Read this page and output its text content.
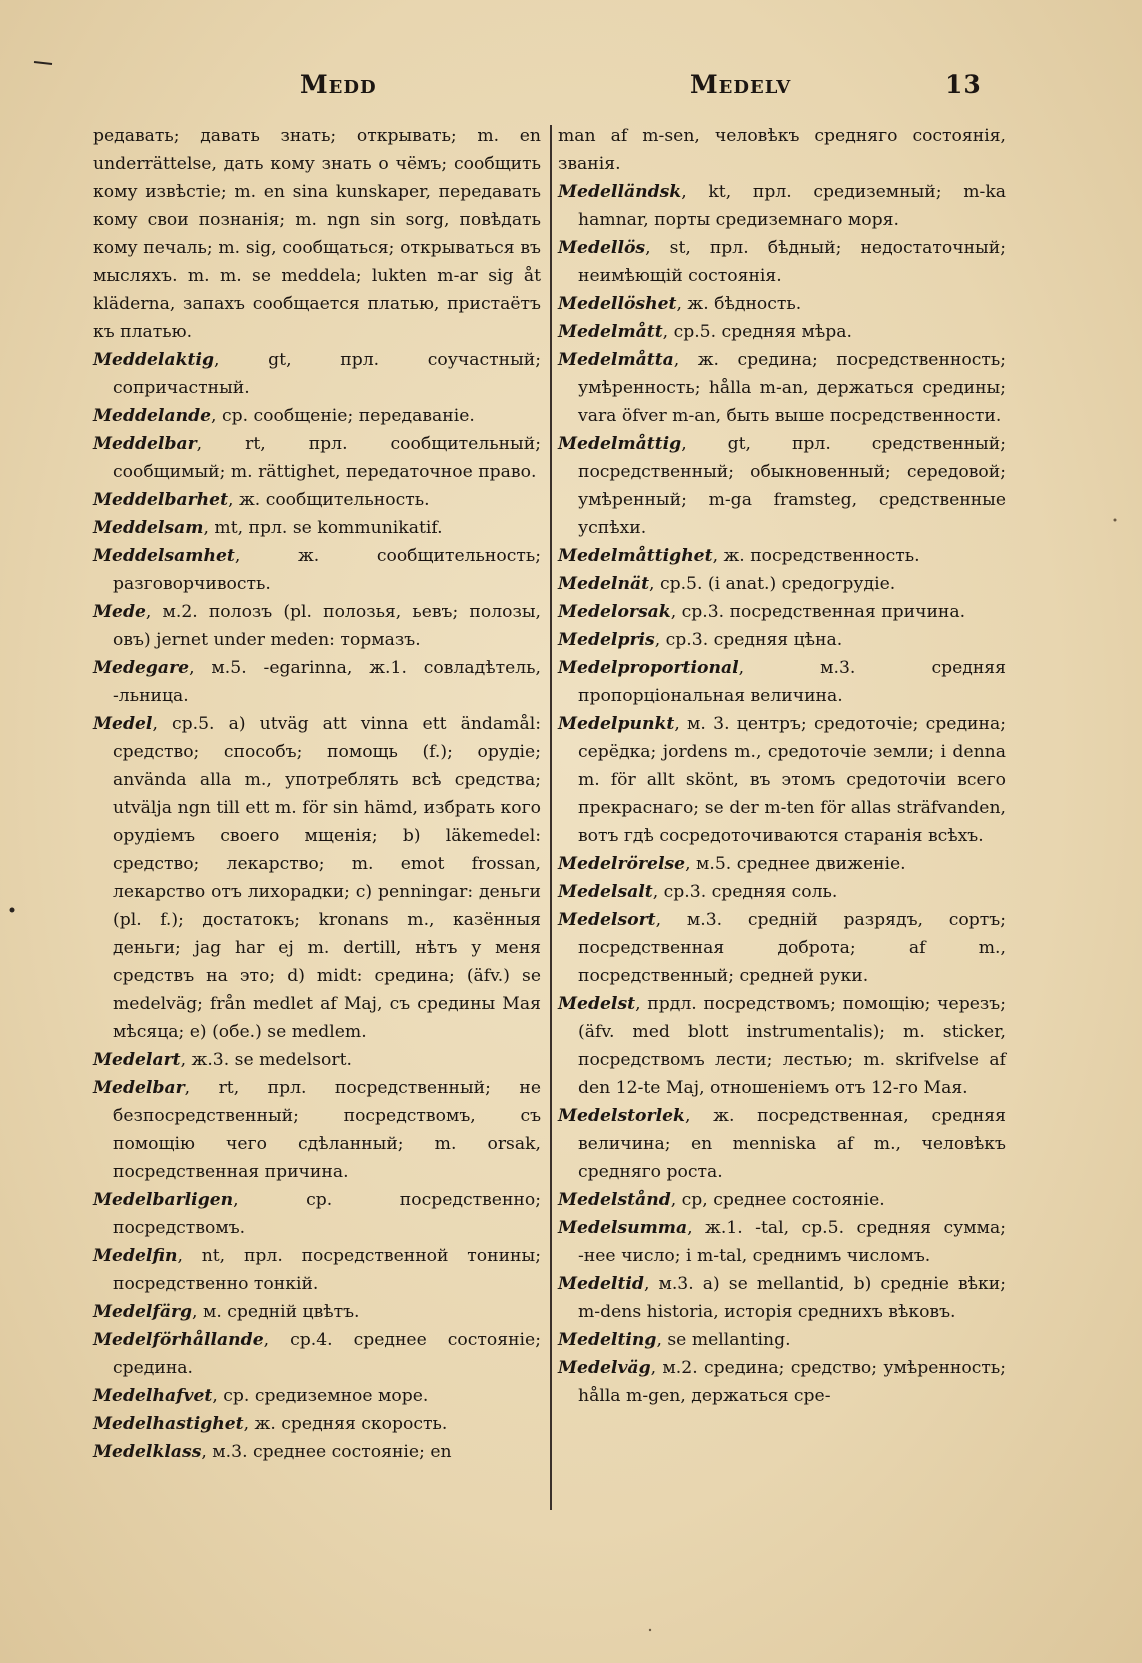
Medd	Medelv	13
редавать; давать знать; открывать; m. en underrättelse, дать кому знать о чёмъ; сообщить кому извѣстіе; m. en sina kunskaper, передавать кому свои познанія; m. ngn sin sorg, повѣдать кому печаль; m. sig, сообщаться; открываться въ мысляхъ. m. m. se meddela; lukten m-ar sig åt kläderna, запахъ сообщается платью, пристаётъ къ платью.
Meddelaktig, gt, прл. соучастный; сопричастный.
Meddelande, ср. сообщеніе; передаваніе.
Meddelbar, rt, прл. сообщительный; сообщимый; m. rättighet, передаточное право.
Meddelbarhet, ж. сообщительность.
Meddelsam, mt, прл. se kommunikatif.
Meddelsamhet, ж. сообщительность; разговорчивость.
Mede, м.2. полозъ (pl. полозья, ьевъ; полозы, овъ) jernet under meden: тормазъ.
Medegare, м.5. -egarinna, ж.1. совладѣтель, -льница.
Medel, ср.5. a) utväg att vinna ett ändamål: средство; способъ; помощь (f.); орудіе; använda alla m., употреблять всѣ средства; utvälja ngn till ett m. för sin hämd, избрать кого орудіемъ своего мщенія; b) läkemedel: средство; лекарство; m. emot frossan, лекарство отъ лихорадки; c) penningar: деньги (pl. f.); достатокъ; kronans m., казённыя деньги; jag har ej m. dertill, нѣтъ у меня средствъ на это; d) midt: средина; (äfv.) se medelväg; från medlet af Maj, съ средины Мая мѣсяца; e) (обе.) se medlem.
Medelart, ж.3. se medelsort.
Medelbar, rt, прл. посредственный; не безпосредственный; посредствомъ, съ помощію чего сдѣланный; m. orsak, посредственная причина.
Medelbarligen, ср. посредственно; посредствомъ.
Medelfin, nt, прл. посредственной тонины; посредственно тонкій.
Medelfärg, м. средній цвѣтъ.
Medelförhållande, ср.4. среднее состояніе; средина.
Medelhafvet, ср. средиземное море.
Medelhastighet, ж. средняя скорость.
Medelklass, м.3. среднее состояніе; en
man af m-sen, человѣкъ средняго состоянія, званія.
Medelländsk, kt, прл. средиземный; m-ka hamnar, порты средиземнаго моря.
Medellös, st, прл. бѣдный; недостаточный; неимѣющій состоянія.
Medellöshet, ж. бѣдность.
Medelmått, ср.5. средняя мѣра.
Medelmåtta, ж. средина; посредственность; умѣренность; hålla m-an, держаться средины; vara öfver m-an, быть выше посредственности.
Medelmåttig, gt, прл. средственный; посредственный; обыкновенный; середовой; умѣренный; m-ga framsteg, средственные успѣхи.
Medelmåttighet, ж. посредственность.
Medelnät, ср.5. (i anat.) средогрудіе.
Medelorsak, ср.3. посредственная причина.
Medelpris, ср.3. средняя цѣна.
Medelproportional, м.3. средняя пропорціональная величина.
Medelpunkt, м. 3. центръ; средоточіе; средина; серёдка; jordens m., средоточіе земли; i denna m. för allt skönt, въ этомъ средоточіи всего прекраснаго; se der m-ten för allas sträfvanden, вотъ гдѣ сосредоточиваются старанія всѣхъ.
Medelrörelse, м.5. среднее движеніе.
Medelsalt, ср.3. средняя соль.
Medelsort, м.3. средній разрядъ, сортъ; посредственная доброта; af m., посредственный; средней руки.
Medelst, прдл. посредствомъ; помощію; черезъ; (äfv. med blott instrumentalis); m. sticker, посредствомъ лести; лестью; m. skrifvelse af den 12-te Maj, отношеніемъ отъ 12-го Мая.
Medelstorlek, ж. посредственная, средняя величина; en menniska af m., человѣкъ средняго роста.
Medelstånd, ср, среднее состояніе.
Medelsumma, ж.1. -tal, ср.5. средняя сумма; -нее число; i m-tal, среднимъ числомъ.
Medeltid, м.3. a) se mellantid, b) средніе вѣки; m-dens historia, исторія среднихъ вѣковъ.
Medelting, se mellanting.
Medelväg, м.2. средина; средство; умѣренность; hålla m-gen, держаться сре-
